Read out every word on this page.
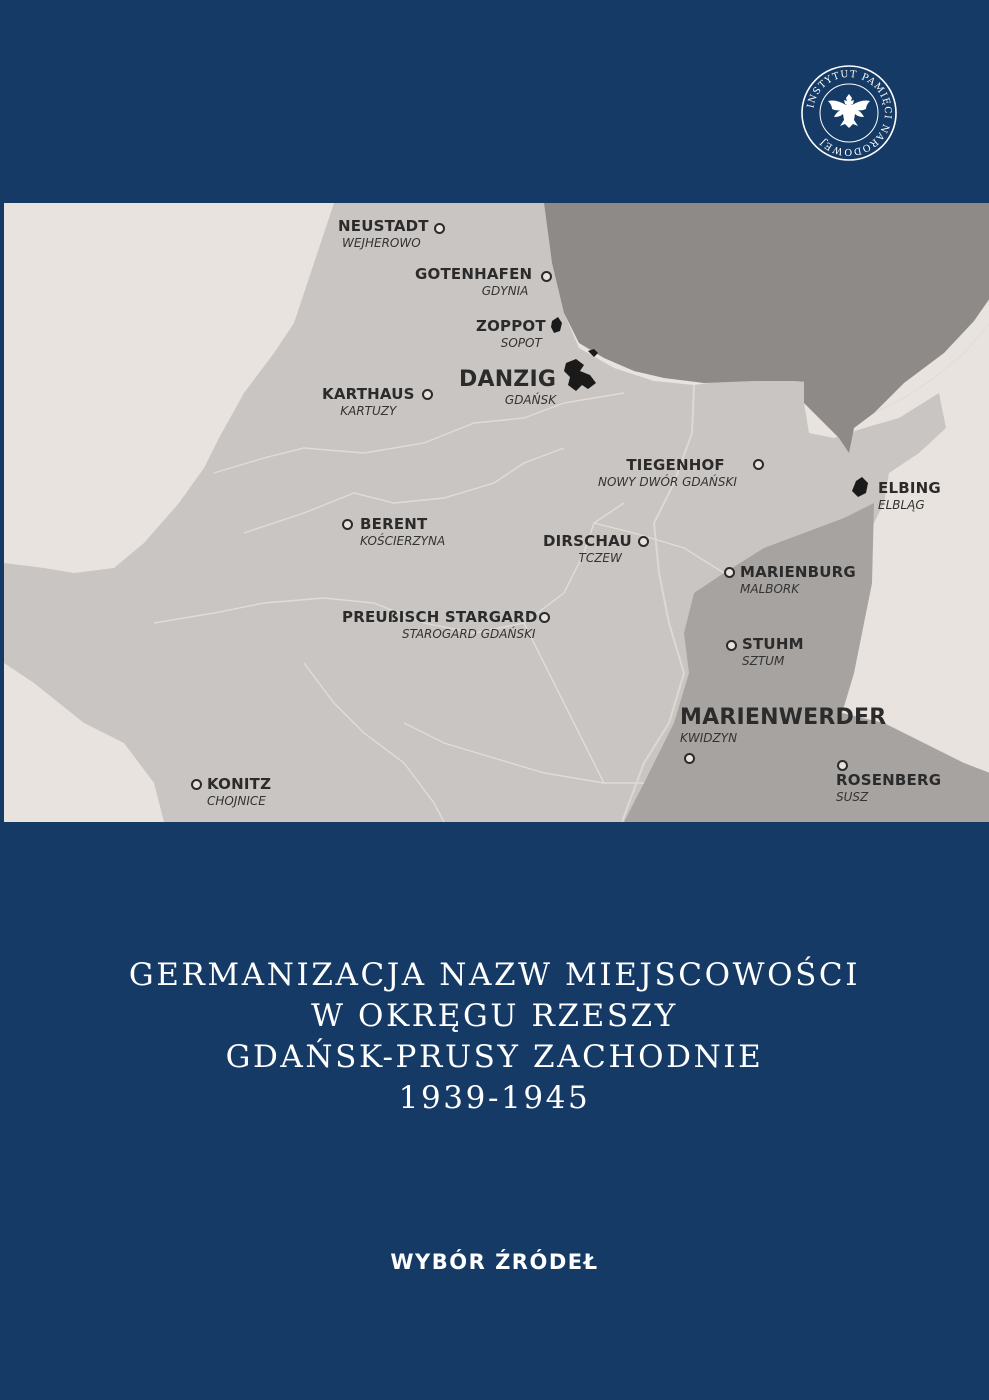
INSTYTUT PAMIĘCI NARODOWEJ
NEUSTADT
WEJHEROWO
GOTENHAFEN
GDYNIA
ZOPPOT
SOPOT
DANZIG
GDAŃSK
KARTHAUS
KARTUZY
TIEGENHOF
NOWY DWÓR GDAŃSKI	ELBING
ELBLĄG
BERENT
KOŚCIERZYNA	DIRSCHAU
TCZEW
MARIENBURG
MALBORK
PREUßISCH STARGARD
STAROGARD GDAŃSKI
STUHM
SZTUM
MARIENWERDER
KWIDZYN
KONITZ
CHOJNICE
ROSENBERG
SUSZ
GERMANIZACJA NAZW MIEJSCOWOŚCI
W OKRĘGU RZESZY
GDAŃSK-PRUSY ZACHODNIE
1939-1945
WYBÓR ŹRÓDEŁ
